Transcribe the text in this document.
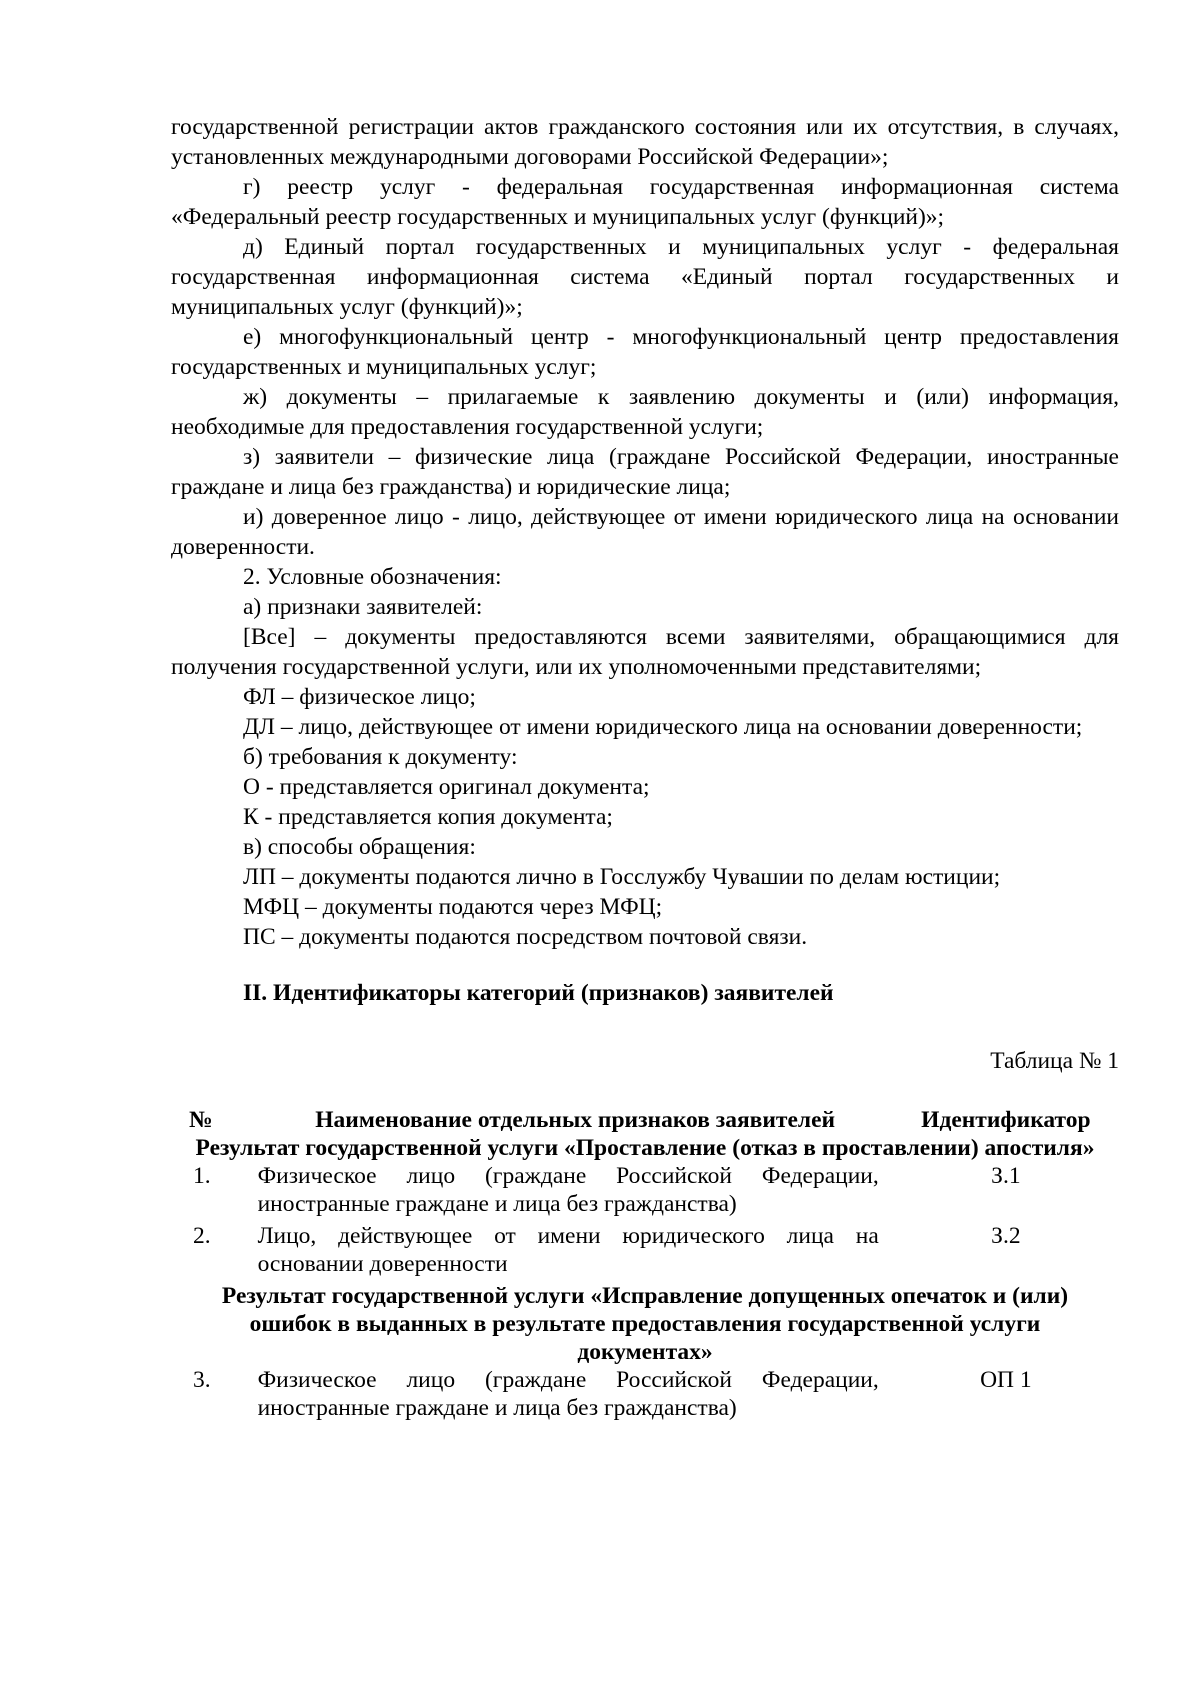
государственной регистрации актов гражданского состояния или их отсутствия, в случаях, установленных международными договорами Российской Федерации»;

г) реестр услуг - федеральная государственная информационная система «Федеральный реестр государственных и муниципальных услуг (функций)»;

д) Единый портал государственных и муниципальных услуг - федеральная государственная информационная система «Единый портал государственных и муниципальных услуг (функций)»;

е) многофункциональный центр - многофункциональный центр предоставления государственных и муниципальных услуг;

ж) документы – прилагаемые к заявлению документы и (или) информация, необходимые для предоставления государственной услуги;

з) заявители – физические лица (граждане Российской Федерации, иностранные граждане и лица без гражданства) и юридические лица;

и) доверенное лицо - лицо, действующее от имени юридического лица на основании доверенности.

2. Условные обозначения:

а) признаки заявителей:

[Все] – документы предоставляются всеми заявителями, обращающимися для получения государственной услуги, или их уполномоченными представителями;

ФЛ – физическое лицо;

ДЛ – лицо, действующее от имени юридического лица на основании доверенности;

б) требования к документу:

О - представляется оригинал документа;

К - представляется копия документа;

в) способы обращения:

ЛП – документы подаются лично в Госслужбу Чувашии по делам юстиции;

МФЦ – документы подаются через МФЦ;

ПС – документы подаются посредством почтовой связи.

II. Идентификаторы категорий (признаков) заявителей
Таблица № 1
№	Наименование отдельных признаков заявителей	Идентификатор
Результат государственной услуги «Проставление (отказ в проставлении) апостиля»		
1.	Физическое лицо (граждане Российской Федерации, иностранные граждане и лица без гражданства)	З.1
2.	Лицо, действующее от имени юридического лица на основании доверенности	З.2
Результат государственной услуги «Исправление допущенных опечаток и (или) ошибок в выданных в результате предоставления государственной услуги документах»		
3.	Физическое лицо (граждане Российской Федерации, иностранные граждане и лица без гражданства)	ОП 1
